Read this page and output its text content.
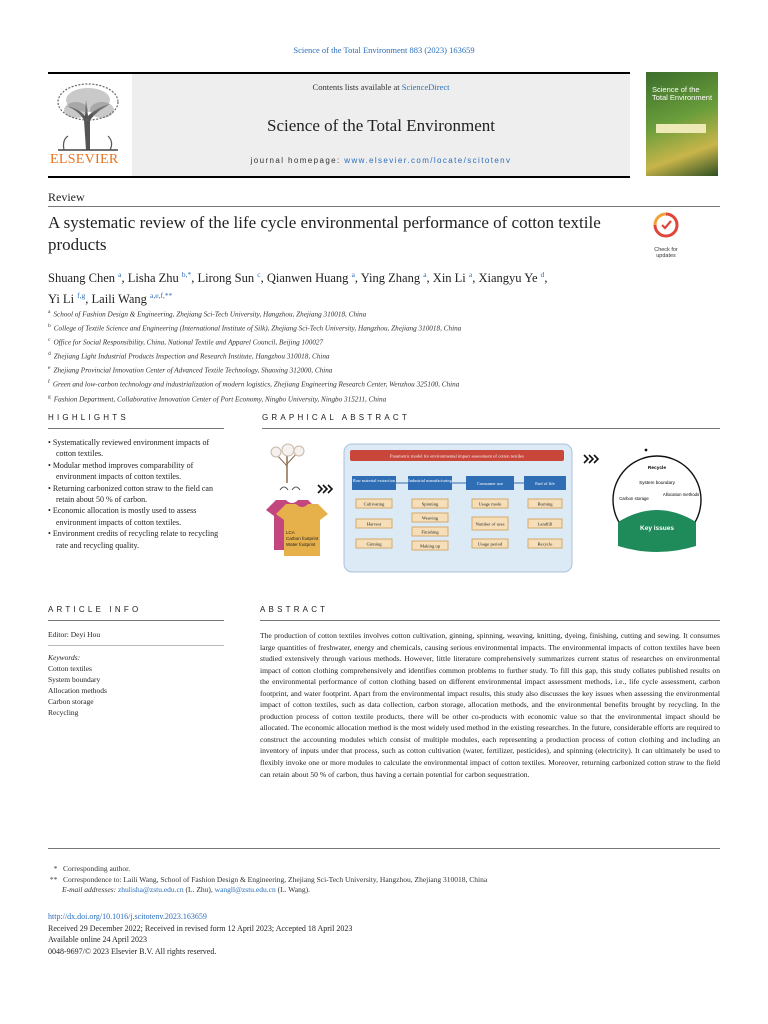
Science of the Total Environment 883 (2023) 163659
ELSEVIER
Contents lists available at ScienceDirect
Science of the Total Environment
journal homepage: www.elsevier.com/locate/scitotenv
Science of the Total Environment
Review
A systematic review of the life cycle environmental performance of cotton textile products	Check for updates
Shuang Chen $^a$, Lisha Zhu $^{b,*}$, Lirong Sun $^c$, Qianwen Huang $^a$, Ying Zhang $^a$, Xin Li $^a$, Xiangyu Ye $^d$,
Yi Li $^{f,g}$, Laili Wang $^{a,e,f,**}$
$^a$ School of Fashion Design & Engineering, Zhejiang Sci-Tech University, Hangzhou, Zhejiang 310018, China
$^b$ College of Textile Science and Engineering (International Institute of Silk), Zhejiang Sci-Tech University, Hangzhou, Zhejiang 310018, China
$^c$ Office for Social Responsibility, China, National Textile and Apparel Council, Beijing 100027
$^d$ Zhejiang Light Industrial Products Inspection and Research Institute, Hangzhou 310018, China
$^e$ Zhejiang Provincial Innovation Center of Advanced Textile Technology, Shaoxing 312000, China
$^f$ Green and low-carbon technology and industrialization of modern logistics, Zhejiang Engineering Research Center, Wenzhou 325100, China
$^g$ Fashion Department, Collaborative Innovation Center of Port Economy, Ningbo University, Ningbo 315211, China
HIGHLIGHTS
• Systematically reviewed environment impacts of cotton textiles.
• Modular method improves comparability of environment impacts of cotton textiles.
• Returning carbonized cotton straw to the field can retain about 50 % of carbon.
• Economic allocation is mostly used to assess environment impacts of cotton textiles.
• Environment credits of recycling relate to recycling rate and recycling quality.
GRAPHICAL ABSTRACT
LCA
Carbon footprint
Water footprint
Parametric model for environmental impact assessment of cotton textiles
Raw material extraction	Industrial manufacturing
Consumer use	End of life
Cultivating
Harvest
Ginning
Spinning
Weaving
Finishing
Making up
Usage mode
Number of uses
Usage period
Burning
Landfill
Recycle
Recycle
System boundary
Carbon storage
Allocation methods
Key issues
ARTICLE INFO
Editor: Deyi Hou
Keywords:
Cotton textiles
System boundary
Allocation methods
Carbon storage
Recycling
ABSTRACT
The production of cotton textiles involves cotton cultivation, ginning, spinning, weaving, knitting, dyeing, finishing, cutting and sewing. It consumes large quantities of freshwater, energy and chemicals, causing serious environmental impacts. The environmental impacts of cotton textiles have been studied extensively through various methods. However, little literature comprehensively summarizes current status of researches on environmental impact of cotton clothing comprehensively and identifies common problems to further study. To fill this gap, this study collates published results on the environmental performance of cotton clothing based on different environmental impact assessment methods, i.e., life cycle assessment, carbon footprint, and water footprint. Apart from the environmental impact results, this study also discusses the key issues when assessing the environmental impact of cotton textiles, such as data collection, carbon storage, allocation methods, and the environmental benefits brought by recycling. In the production process of cotton textile products, there will be other co-products with economic value so that the environmental impact should be allocated. The economic allocation method is the most widely used method in the existing researches. In the future, considerable efforts are required to construct the accounting modules which consist of multiple modules, each representing a production process of cotton clothing and including an inventory of inputs under that process, such as cotton cultivation (water, fertilizer, pesticides), and spinning (electricity). It can ultimately be used to flexibly invoke one or more modules to calculate the environmental impact of cotton textiles. Moreover, returning carbonized cotton straw to the field can retain about 50 % of carbon, thus having a certain potential for carbon sequestration.
*   Corresponding author.
**   Correspondence to: Laili Wang, School of Fashion Design & Engineering, Zhejiang Sci-Tech University, Hangzhou, Zhejiang 310018, China
E-mail addresses: zhulisha@zstu.edu.cn (L. Zhu), wangll@zstu.edu.cn (L. Wang).
http://dx.doi.org/10.1016/j.scitotenv.2023.163659
Received 29 December 2022; Received in revised form 12 April 2023; Accepted 18 April 2023
Available online 24 April 2023
0048-9697/© 2023 Elsevier B.V. All rights reserved.
